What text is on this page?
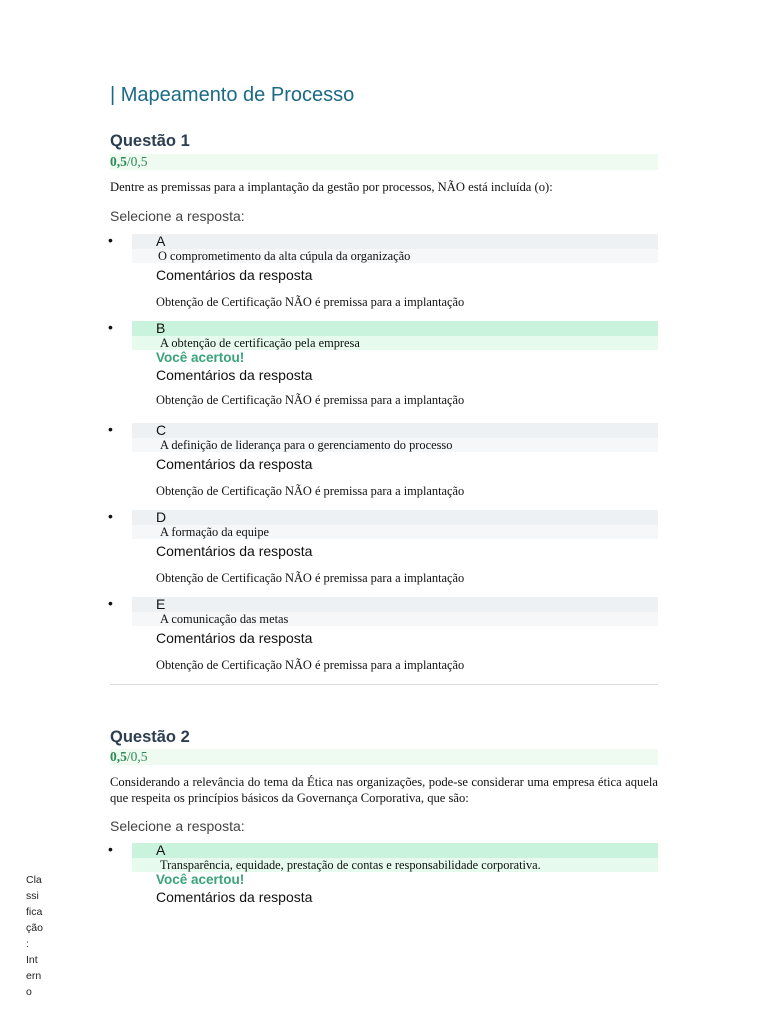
| Mapeamento de Processo
Questão 1
0,5/0,5
Dentre as premissas para a implantação da gestão por processos, NÃO está incluída (o):
Selecione a resposta:
•	A
O comprometimento da alta cúpula da organização
Comentários da resposta
Obtenção de Certificação NÃO é premissa para a implantação
•	B
A obtenção de certificação pela empresa
Você acertou!
Comentários da resposta
Obtenção de Certificação NÃO é premissa para a implantação
•	C
A definição de liderança para o gerenciamento do processo
Comentários da resposta
Obtenção de Certificação NÃO é premissa para a implantação
•	D
A formação da equipe
Comentários da resposta
Obtenção de Certificação NÃO é premissa para a implantação
•	E
A comunicação das metas
Comentários da resposta
Obtenção de Certificação NÃO é premissa para a implantação
Questão 2
0,5/0,5
Considerando a relevância do tema da Ética nas organizações, pode-se considerar uma empresa ética aquela que respeita os princípios básicos da Governança Corporativa, que são:
Selecione a resposta:
•	A
Transparência, equidade, prestação de contas e responsabilidade corporativa.
Você acertou!
Comentários da resposta
Cla
ssi
fica
ção
:
Int
ern
o
